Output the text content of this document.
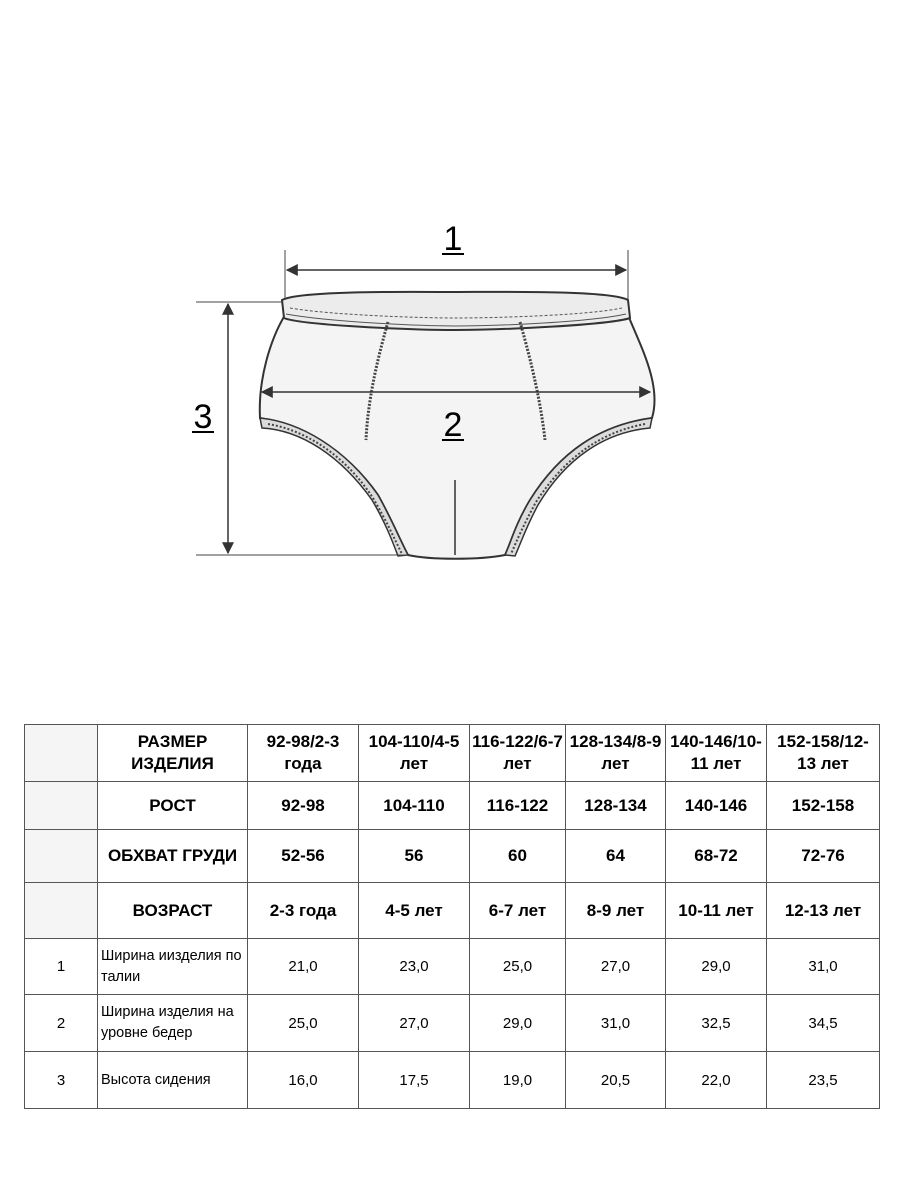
1
2
3
	РАЗМЕР ИЗДЕЛИЯ	92-98/2-3 года	104-110/4-5 лет	116-122/6-7 лет	128-134/8-9 лет	140-146/10-11 лет	152-158/12-13 лет
	РОСТ	92-98	104-110	116-122	128-134	140-146	152-158
	ОБХВАТ ГРУДИ	52-56	56	60	64	68-72	72-76
	ВОЗРАСТ	2-3 года	4-5 лет	6-7 лет	8-9 лет	10-11 лет	12-13 лет
1	Ширина иизделия по талии	21,0	23,0	25,0	27,0	29,0	31,0
2	Ширина изделия на уровне бедер	25,0	27,0	29,0	31,0	32,5	34,5
3	Высота сидения	16,0	17,5	19,0	20,5	22,0	23,5
